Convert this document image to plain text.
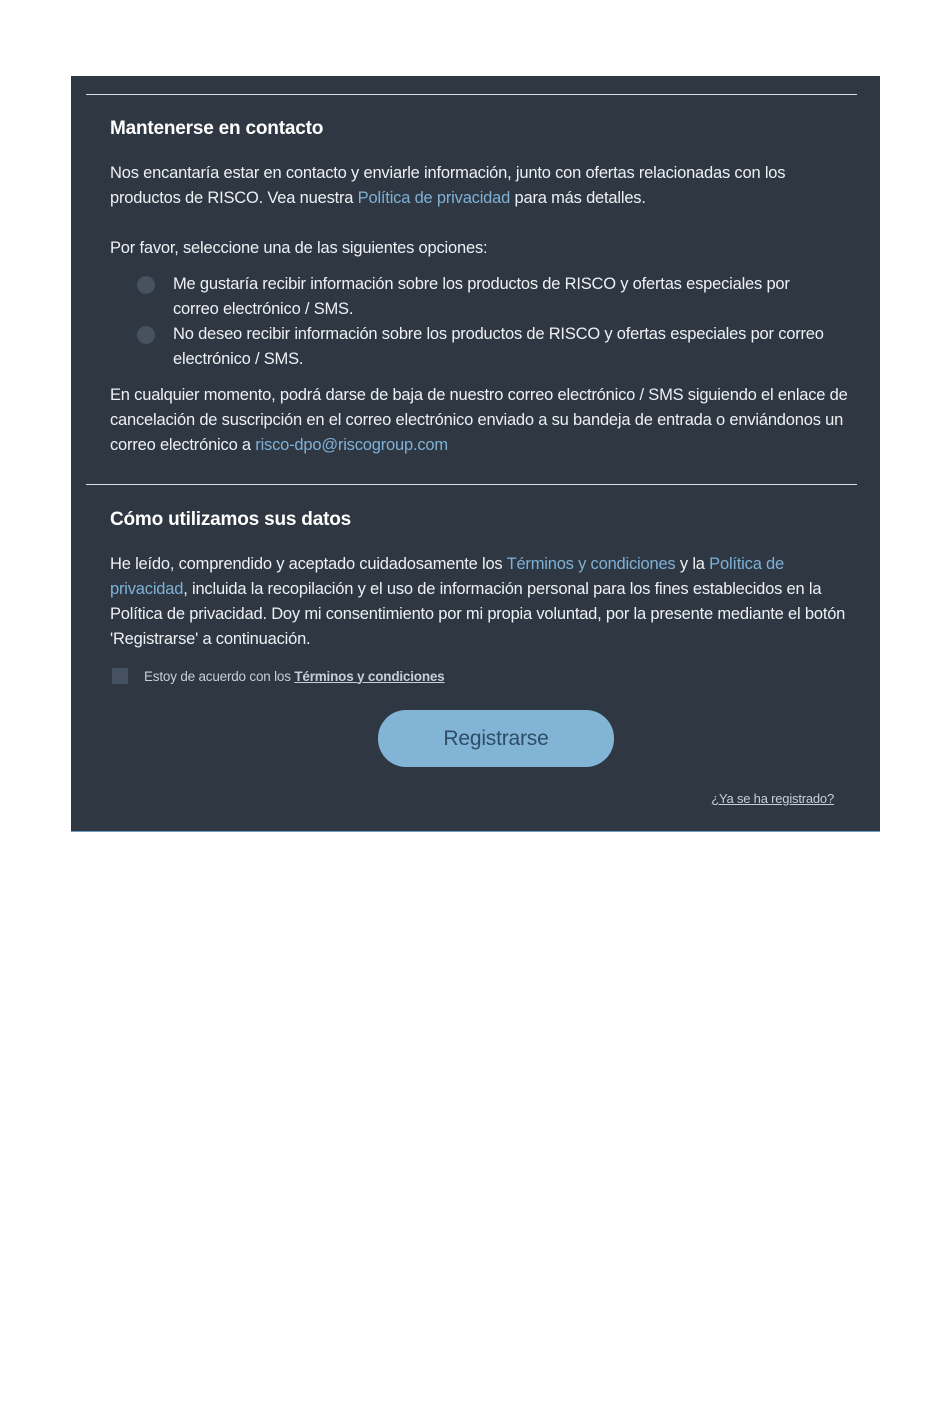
Mantenerse en contacto

Nos encantaría estar en contacto y enviarle información, junto con ofertas relacionadas con los productos de RISCO. Vea nuestra Política de privacidad para más detalles.

Por favor, seleccione una de las siguientes opciones:

Me gustaría recibir información sobre los productos de RISCO y ofertas especiales por correo electrónico / SMS.

No deseo recibir información sobre los productos de RISCO y ofertas especiales por correo electrónico / SMS.

En cualquier momento, podrá darse de baja de nuestro correo electrónico / SMS siguiendo el enlace de cancelación de suscripción en el correo electrónico enviado a su bandeja de entrada o enviándonos un correo electrónico a risco-dpo@riscogroup.com

Cómo utilizamos sus datos

He leído, comprendido y aceptado cuidadosamente los Términos y condiciones y la Política de privacidad, incluida la recopilación y el uso de información personal para los fines establecidos en la Política de privacidad. Doy mi consentimiento por mi propia voluntad, por la presente mediante el botón 'Registrarse' a continuación.

Estoy de acuerdo con los Términos y condiciones
Registrarse
¿Ya se ha registrado?
